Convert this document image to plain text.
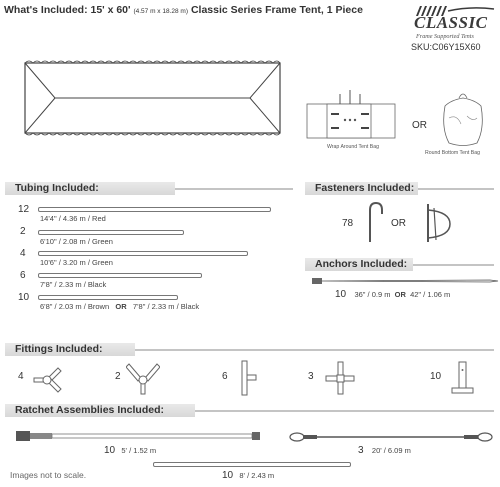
What's Included: 15' x 60' (4.57 m x 18.28 m) Classic Series Frame Tent, 1 Piece
CLASSIC
Frame Supported Tents
SKU:C06Y15X60
Wrap Around Tent Bag
OR
Round Bottom Tent Bag
Tubing Included:
12
14'4" / 4.36 m / Red
2
6'10" / 2.08 m / Green
4
10'6" / 3.20 m / Green
6
7'8" / 2.33 m / Black
10
6'8" / 2.03 m / Brown OR 7'8" / 2.33 m / Black
Fasteners Included:
78	OR
Anchors Included:
10 36" / 0.9 m OR 42" / 1.06 m
Fittings Included:
4	2	6	3	10
Ratchet Assemblies Included:
10 5' / 1.52 m	3 20' / 6.09 m
10 8' / 2.43 m
Images not to scale.
